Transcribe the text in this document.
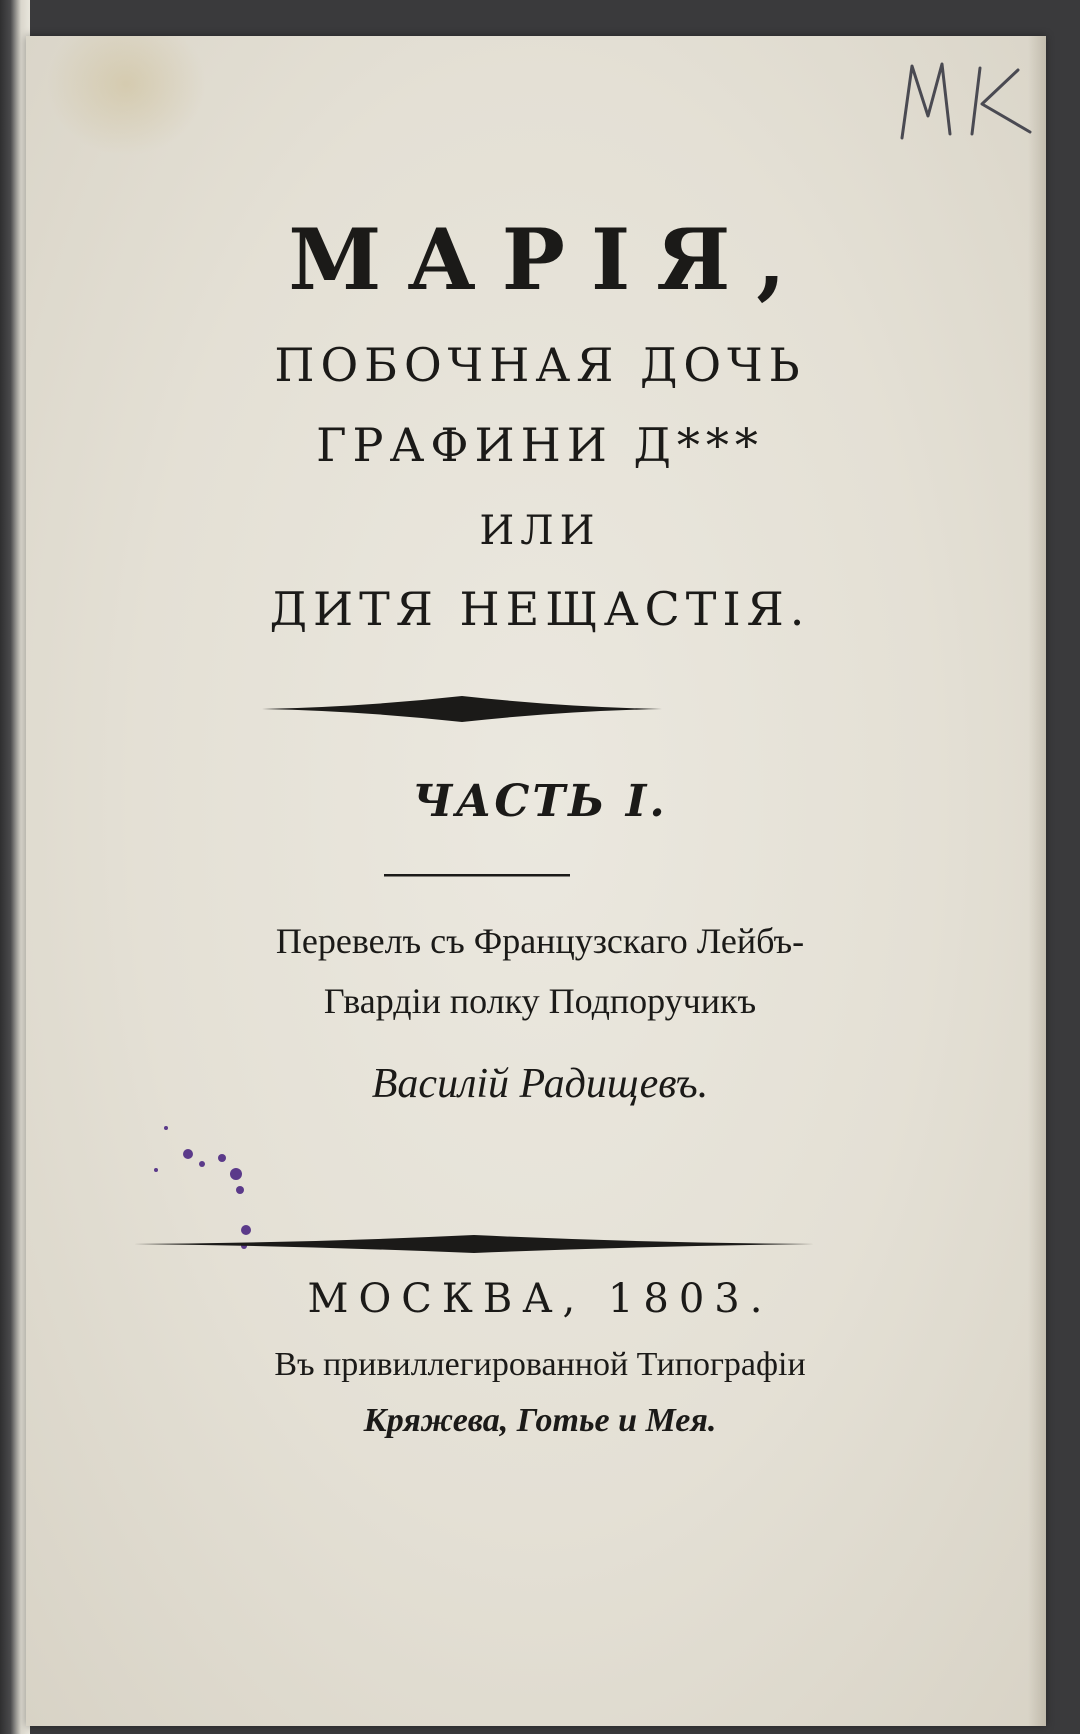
МАРІЯ,
ПОБОЧНАЯ ДОЧЬ
ГРАФИНИ Д***
ИЛИ
ДИТЯ НЕЩАСТІЯ.
ЧАСТЬ I.
Перевелъ съ Французскаго Лейбъ-
Гвардіи полку Подпоручикъ
Василій Радищевъ.
МОСКВА, 1803.
Въ привиллегированной Типографіи
Кряжева, Готье и Мея.
